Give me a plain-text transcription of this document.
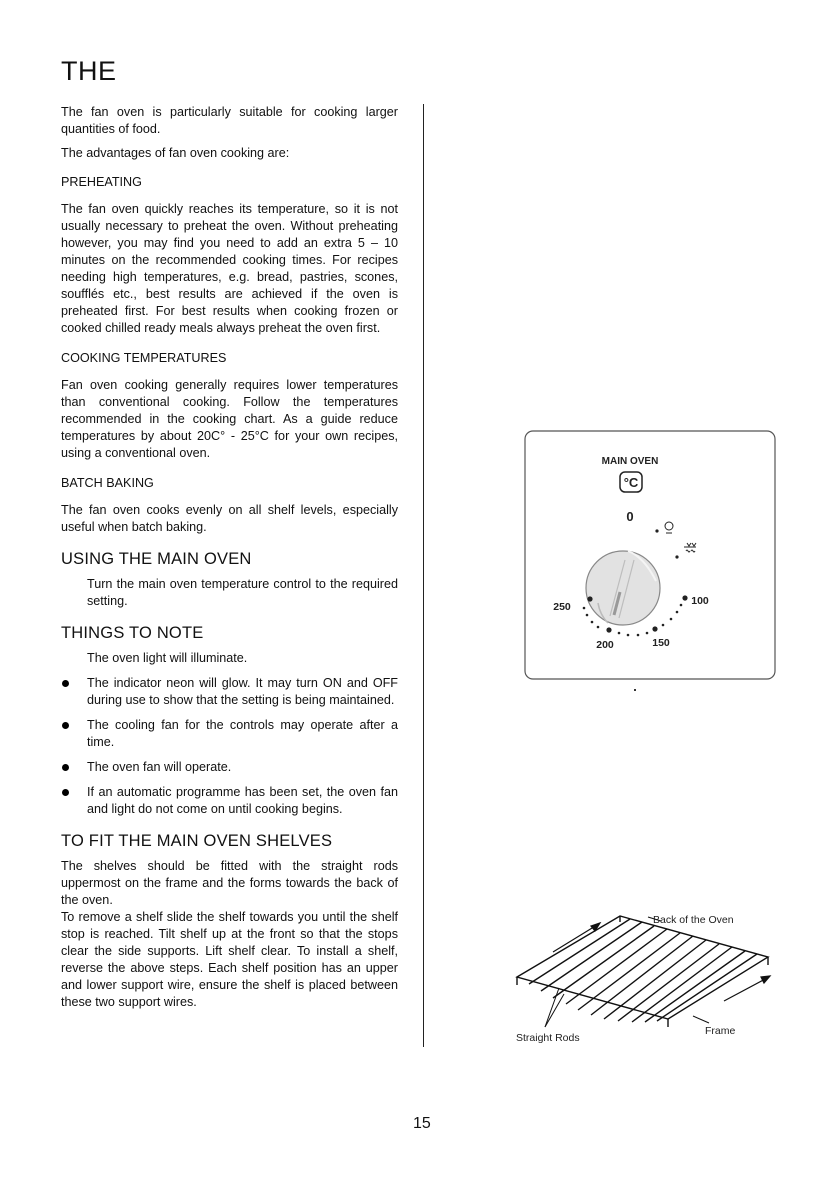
THE

The fan oven is particularly suitable for cooking larger quantities of food.

The advantages of fan oven cooking are:

PREHEATING

The fan oven quickly reaches its temperature, so it is not usually necessary to preheat the oven. Without preheating however, you may find you need to add an extra 5 – 10 minutes on the recommended cooking times. For recipes needing high temperatures, e.g. bread, pastries, scones, soufflés etc., best results are achieved if the oven is preheated first. For best results when cooking frozen or cooked chilled ready meals always preheat the oven first.

COOKING TEMPERATURES

Fan oven cooking generally requires lower temperatures than conventional cooking. Follow the temperatures recommended in the cooking chart. As a guide reduce temperatures by about 20C° - 25°C for your own recipes, using a conventional oven.

BATCH BAKING

The fan oven cooks evenly on all shelf levels, especially useful when batch baking.

USING THE MAIN OVEN

Turn the main oven temperature control to the required setting.

THINGS TO NOTE
The oven light will illuminate.
The indicator neon will glow. It may turn ON and OFF during use to show that the setting is being maintained.
The cooling fan for the controls may operate after a time.
The oven fan will operate.
If an automatic programme has been set, the oven fan and light do not come on until cooking begins.
TO FIT THE MAIN OVEN SHELVES

The shelves should be fitted with the straight rods uppermost on the frame and the forms towards the back of the oven.

To remove a shelf slide the shelf towards you until the shelf stop is reached. Tilt shelf up at the front so that the stops clear the side supports. Lift shelf clear. To install a shelf, reverse the above steps. Each shelf position has an upper and lower support wire, ensure the shelf is placed between these two support wires.

MAIN OVEN
°C
0
250
200	150
100
Back of the Oven
Straight Rods
Frame
15
